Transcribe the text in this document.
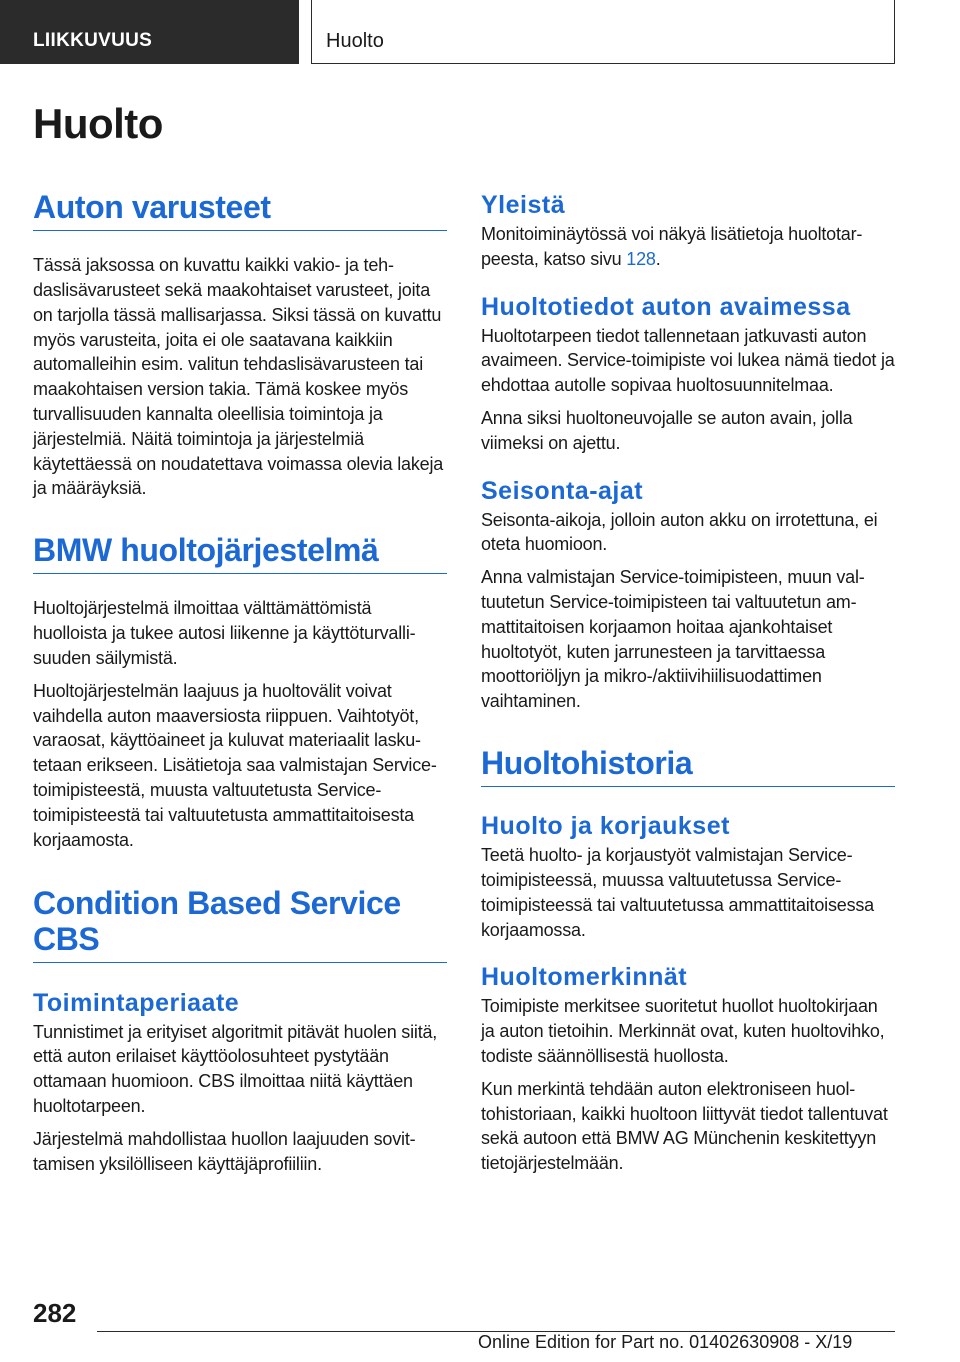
LIIKKUVUUS	Huolto
Huolto
Auton varusteet

Tässä jaksossa on kuvattu kaikki vakio- ja tehdaslisävarusteet sekä maakohtaiset varusteet, joita on tarjolla tässä mallisarjassa. Siksi tässä on kuvattu myös varusteita, joita ei ole saatavana kaikkiin automalleihin esim. valitun tehdaslisävarusteen tai maakohtaisen version takia. Tämä koskee myös turvallisuuden kannalta oleellisia toimintoja ja järjestelmiä. Näitä toimintoja ja järjestelmiä käytettäessä on noudatettava voimassa olevia lakeja ja määräyksiä.

BMW huoltojärjestelmä

Huoltojärjestelmä ilmoittaa välttämättömistä huolloista ja tukee autosi liikenne ja käyttöturvallisuuden säilymistä.

Huoltojärjestelmän laajuus ja huoltovälit voivat vaihdella auton maaversiosta riippuen. Vaihtotyöt, varaosat, käyttöaineet ja kuluvat materiaalit laskutetaan erikseen. Lisätietoja saa valmistajan Service-toimipisteestä, muusta valtuutetusta Service-toimipisteestä tai valtuutetusta ammattitaitoisesta korjaamosta.

Condition Based Service CBS
Toimintaperiaate

Tunnistimet ja erityiset algoritmit pitävät huolen siitä, että auton erilaiset käyttöolosuhteet pystytään ottamaan huomioon. CBS ilmoittaa niitä käyttäen huoltotarpeen.

Järjestelmä mahdollistaa huollon laajuuden sovittamisen yksilölliseen käyttäjäprofiiliin.

Yleistä

Monitoiminäytössä voi näkyä lisätietoja huoltotarpeesta, katso sivu 128.

Huoltotiedot auton avaimessa

Huoltotarpeen tiedot tallennetaan jatkuvasti auton avaimeen. Service-toimipiste voi lukea nämä tiedot ja ehdottaa autolle sopivaa huoltosuunnitelmaa.

Anna siksi huoltoneuvojalle se auton avain, jolla viimeksi on ajettu.

Seisonta-ajat

Seisonta-aikoja, jolloin auton akku on irrotettuna, ei oteta huomioon.

Anna valmistajan Service-toimipisteen, muun valtuutetun Service-toimipisteen tai valtuutetun ammattitaitoisen korjaamon hoitaa ajankohtaiset huoltotyöt, kuten jarrunesteen ja tarvittaessa moottoriöljyn ja mikro-/aktiivihiilisuodattimen vaihtaminen.

Huoltohistoria
Huolto ja korjaukset

Teetä huolto- ja korjaustyöt valmistajan Service-toimipisteessä, muussa valtuutetussa Service-toimipisteessä tai valtuutetussa ammattitaitoisessa korjaamossa.

Huoltomerkinnät

Toimipiste merkitsee suoritetut huollot huoltokirjaan ja auton tietoihin. Merkinnät ovat, kuten huoltovihko, todiste säännöllisestä huollosta.

Kun merkintä tehdään auton elektroniseen huoltohistoriaan, kaikki huoltoon liittyvät tiedot tallentuvat sekä autoon että BMW AG Münchenin keskitettyyn tietojärjestelmään.

282
Online Edition for Part no. 01402630908 - X/19
